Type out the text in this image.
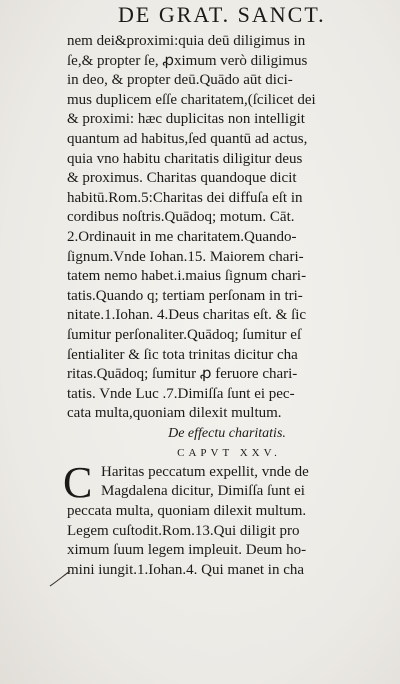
DE GRAT. SANCT.
nem dei&proximi:quia deū diligimus in
ſe,& propter ſe, ꝓximum verò diligimus
in deo, & propter deū.Quādo aūt dici-
mus duplicem eſſe charitatem,(ſcilicet dei
& proximi: hæc duplicitas non intelligit
quantum ad habitus,ſed quantū ad actus,
quia vno habitu charitatis diligitur deus
& proximus. Charitas quandoque dicit
habitū.Rom.5:Charitas dei diffuſa eſt in
cordibus noſtris.Quādoq; motum. Cāt.
2.Ordinauit in me charitatem.Quando-
ſignum.Vnde Iohan.15. Maiorem chari-
tatem nemo habet.i.maius ſignum chari-
tatis.Quando q; tertiam perſonam in tri-
nitate.1.Iohan. 4.Deus charitas eſt. & ſic
ſumitur perſonaliter.Quādoq; ſumitur eſ
ſentialiter & ſic tota trinitas dicitur cha
ritas.Quādoq; ſumitur ꝓ feruore chari-
tatis. Vnde Luc .7.Dimiſſa ſunt ei pec-
cata multa,quoniam dilexit multum.
De effectu charitatis.
CAPVT XXV.
C Haritas peccatum expellit, vnde de
Magdalena dicitur, Dimiſſa ſunt ei
peccata multa, quoniam dilexit multum.
Legem cuſtodit.Rom.13.Qui diligit pro
ximum ſuum legem impleuit. Deum ho-
mini iungit.1.Iohan.4. Qui manet in cha
